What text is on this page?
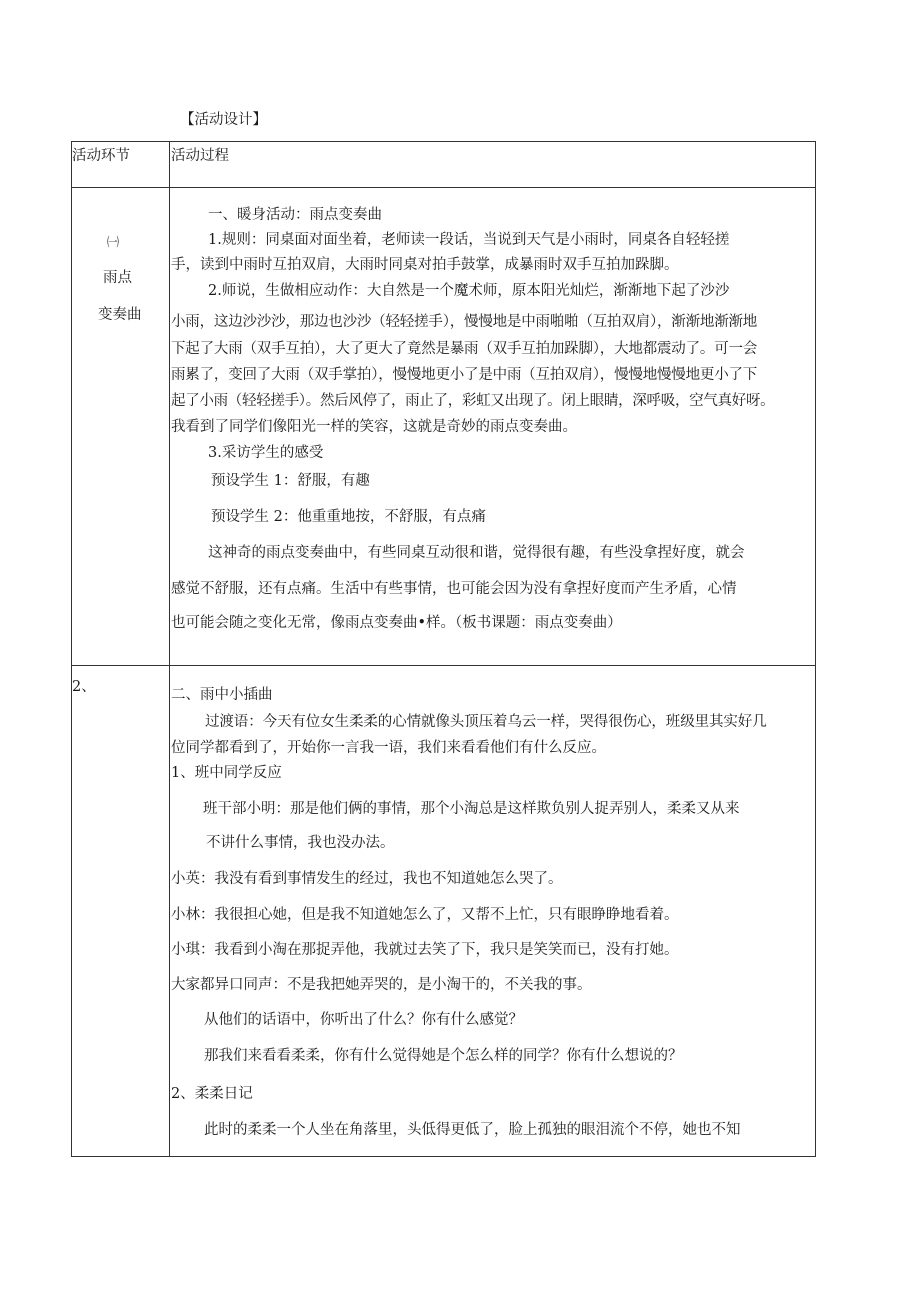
【活动设计】
活动环节	活动过程
㈠
雨点
变奏曲
一、暖身活动：雨点变奏曲
1.规则：同桌面对面坐着，老师读一段话，当说到天气是小雨时，同桌各自轻轻搓
手，读到中雨时互拍双肩，大雨时同桌对拍手鼓掌，成暴雨时双手互拍加跺脚。
2.师说，生做相应动作：大自然是一个魔术师，原本阳光灿烂，渐渐地下起了沙沙
小雨，这边沙沙沙，那边也沙沙（轻轻搓手），慢慢地是中雨啪啪（互拍双肩），渐渐地渐渐地
下起了大雨（双手互拍），大了更大了竟然是暴雨（双手互拍加跺脚），大地都震动了。可一会
雨累了，变回了大雨（双手掌拍），慢慢地更小了是中雨（互拍双肩），慢慢地慢慢地更小了下
起了小雨（轻轻搓手）。然后风停了，雨止了，彩虹又出现了。闭上眼睛，深呼吸，空气真好呀。
我看到了同学们像阳光一样的笑容，这就是奇妙的雨点变奏曲。
3.采访学生的感受
预设学生 1：舒服，有趣
预设学生 2：他重重地按，不舒服，有点痛
这神奇的雨点变奏曲中，有些同桌互动很和谐，觉得很有趣，有些没拿捏好度，就会
感觉不舒服，还有点痛。生活中有些事情，也可能会因为没有拿捏好度而产生矛盾，心情
也可能会随之变化无常，像雨点变奏曲•样。（板书课题：雨点变奏曲）
2、	二、雨中小插曲
过渡语：今天有位女生柔柔的心情就像头顶压着乌云一样，哭得很伤心，班级里其实好几
位同学都看到了，开始你一言我一语，我们来看看他们有什么反应。
1、班中同学反应
班干部小明：那是他们俩的事情，那个小淘总是这样欺负别人捉弄别人，柔柔又从来
不讲什么事情，我也没办法。
小英：我没有看到事情发生的经过，我也不知道她怎么哭了。
小林：我很担心她，但是我不知道她怎么了，又帮不上忙，只有眼睁睁地看着。
小琪：我看到小淘在那捉弄他，我就过去笑了下，我只是笑笑而已，没有打她。
大家都异口同声：不是我把她弄哭的，是小淘干的，不关我的事。
从他们的话语中，你听出了什么？你有什么感觉？
那我们来看看柔柔，你有什么觉得她是个怎么样的同学？你有什么想说的？
2、柔柔日记
此时的柔柔一个人坐在角落里，头低得更低了，脸上孤独的眼泪流个不停，她也不知
